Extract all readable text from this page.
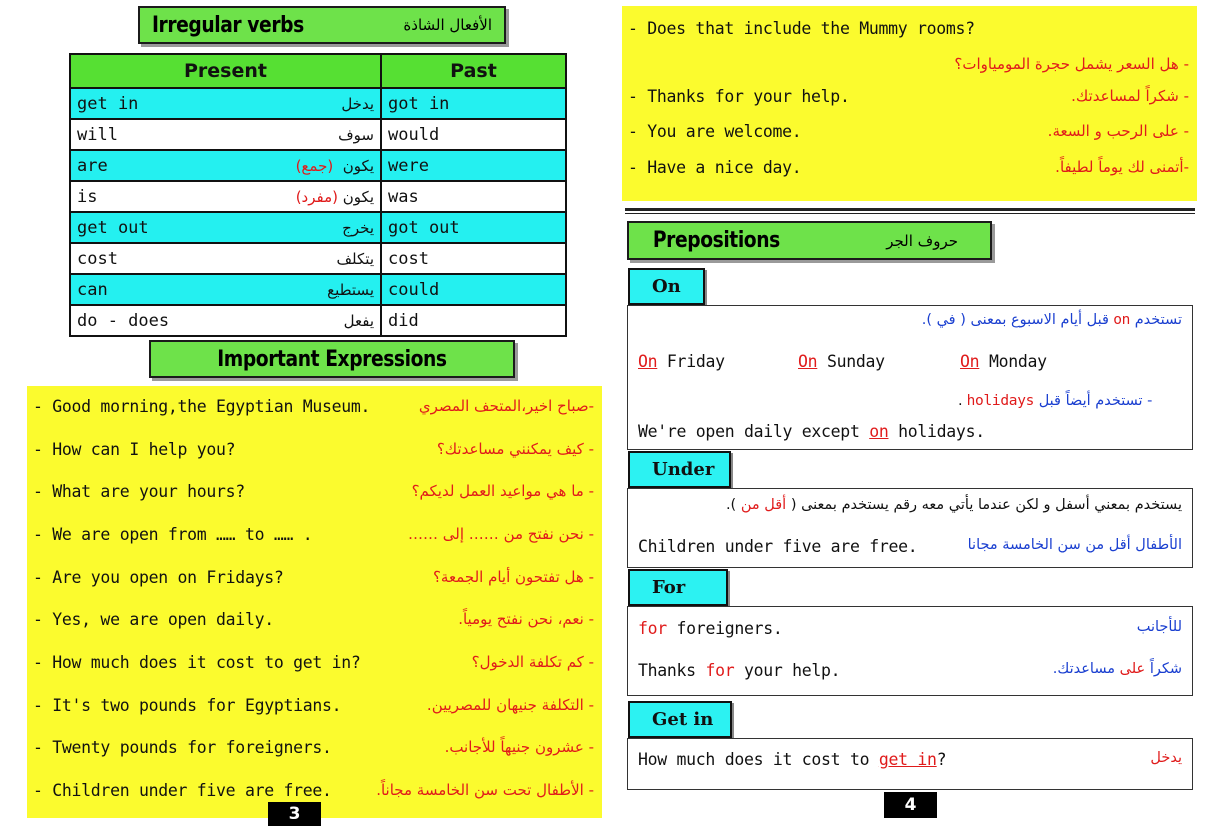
Irregular verbs	الأفعال الشاذة
Present	Past

get in يدخل	got in

will سوف	would

are يكون  (جمع)	were

is يكون (مفرد)	was

get out يخرج	got out

cost يتكلف	cost

can يستطيع	could

do - does يفعل	did
Important Expressions
- Good morning,the Egyptian Museum.	-صباح اخير،المتحف المصري
- How can I help you?	- كيف يمكنني مساعدتك؟
- What are your hours?	- ما هي مواعيد العمل لديكم؟
- We are open from …… to …… .	- نحن نفتح من …… إلى ……
- Are you open on Fridays?	- هل تفتحون أيام الجمعة؟
- Yes, we are open daily.	- نعم، نحن نفتح يومياً.
- How much does it cost to get in?	- كم تكلفة الدخول؟
- It's two pounds for Egyptians.	- التكلفة جنيهان للمصريين.
- Twenty pounds for foreigners.	- عشرون جنيهاً للأجانب.
- Children under five are free.	- الأطفال تحت سن الخامسة مجاناً.
3
- Does that include the Mummy rooms?
- هل السعر يشمل حجرة المومياوات؟
- Thanks for your help.	- شكراً لمساعدتك.
- You are welcome.	- على الرحب و السعة.
- Have a nice day.	-أتمنى لك يوماً لطيفاً.
Prepositions	حروف الجر
On
تستخدم on قبل أيام الاسبوع بمعنى ( في ).
On Friday	On Sunday	On Monday
- تستخدم أيضاً قبل holidays .
We're open daily except on holidays.
Under
يستخدم بمعني أسفل و لكن عندما يأتي معه رقم يستخدم بمعنى ( أقل من ).
Children under five are free.	الأطفال أقل من سن الخامسة مجانا
For
for foreigners.	للأجانب
Thanks for your help.	شكراً على مساعدتك.
Get in
How much does it cost to get in?	يدخل
4
